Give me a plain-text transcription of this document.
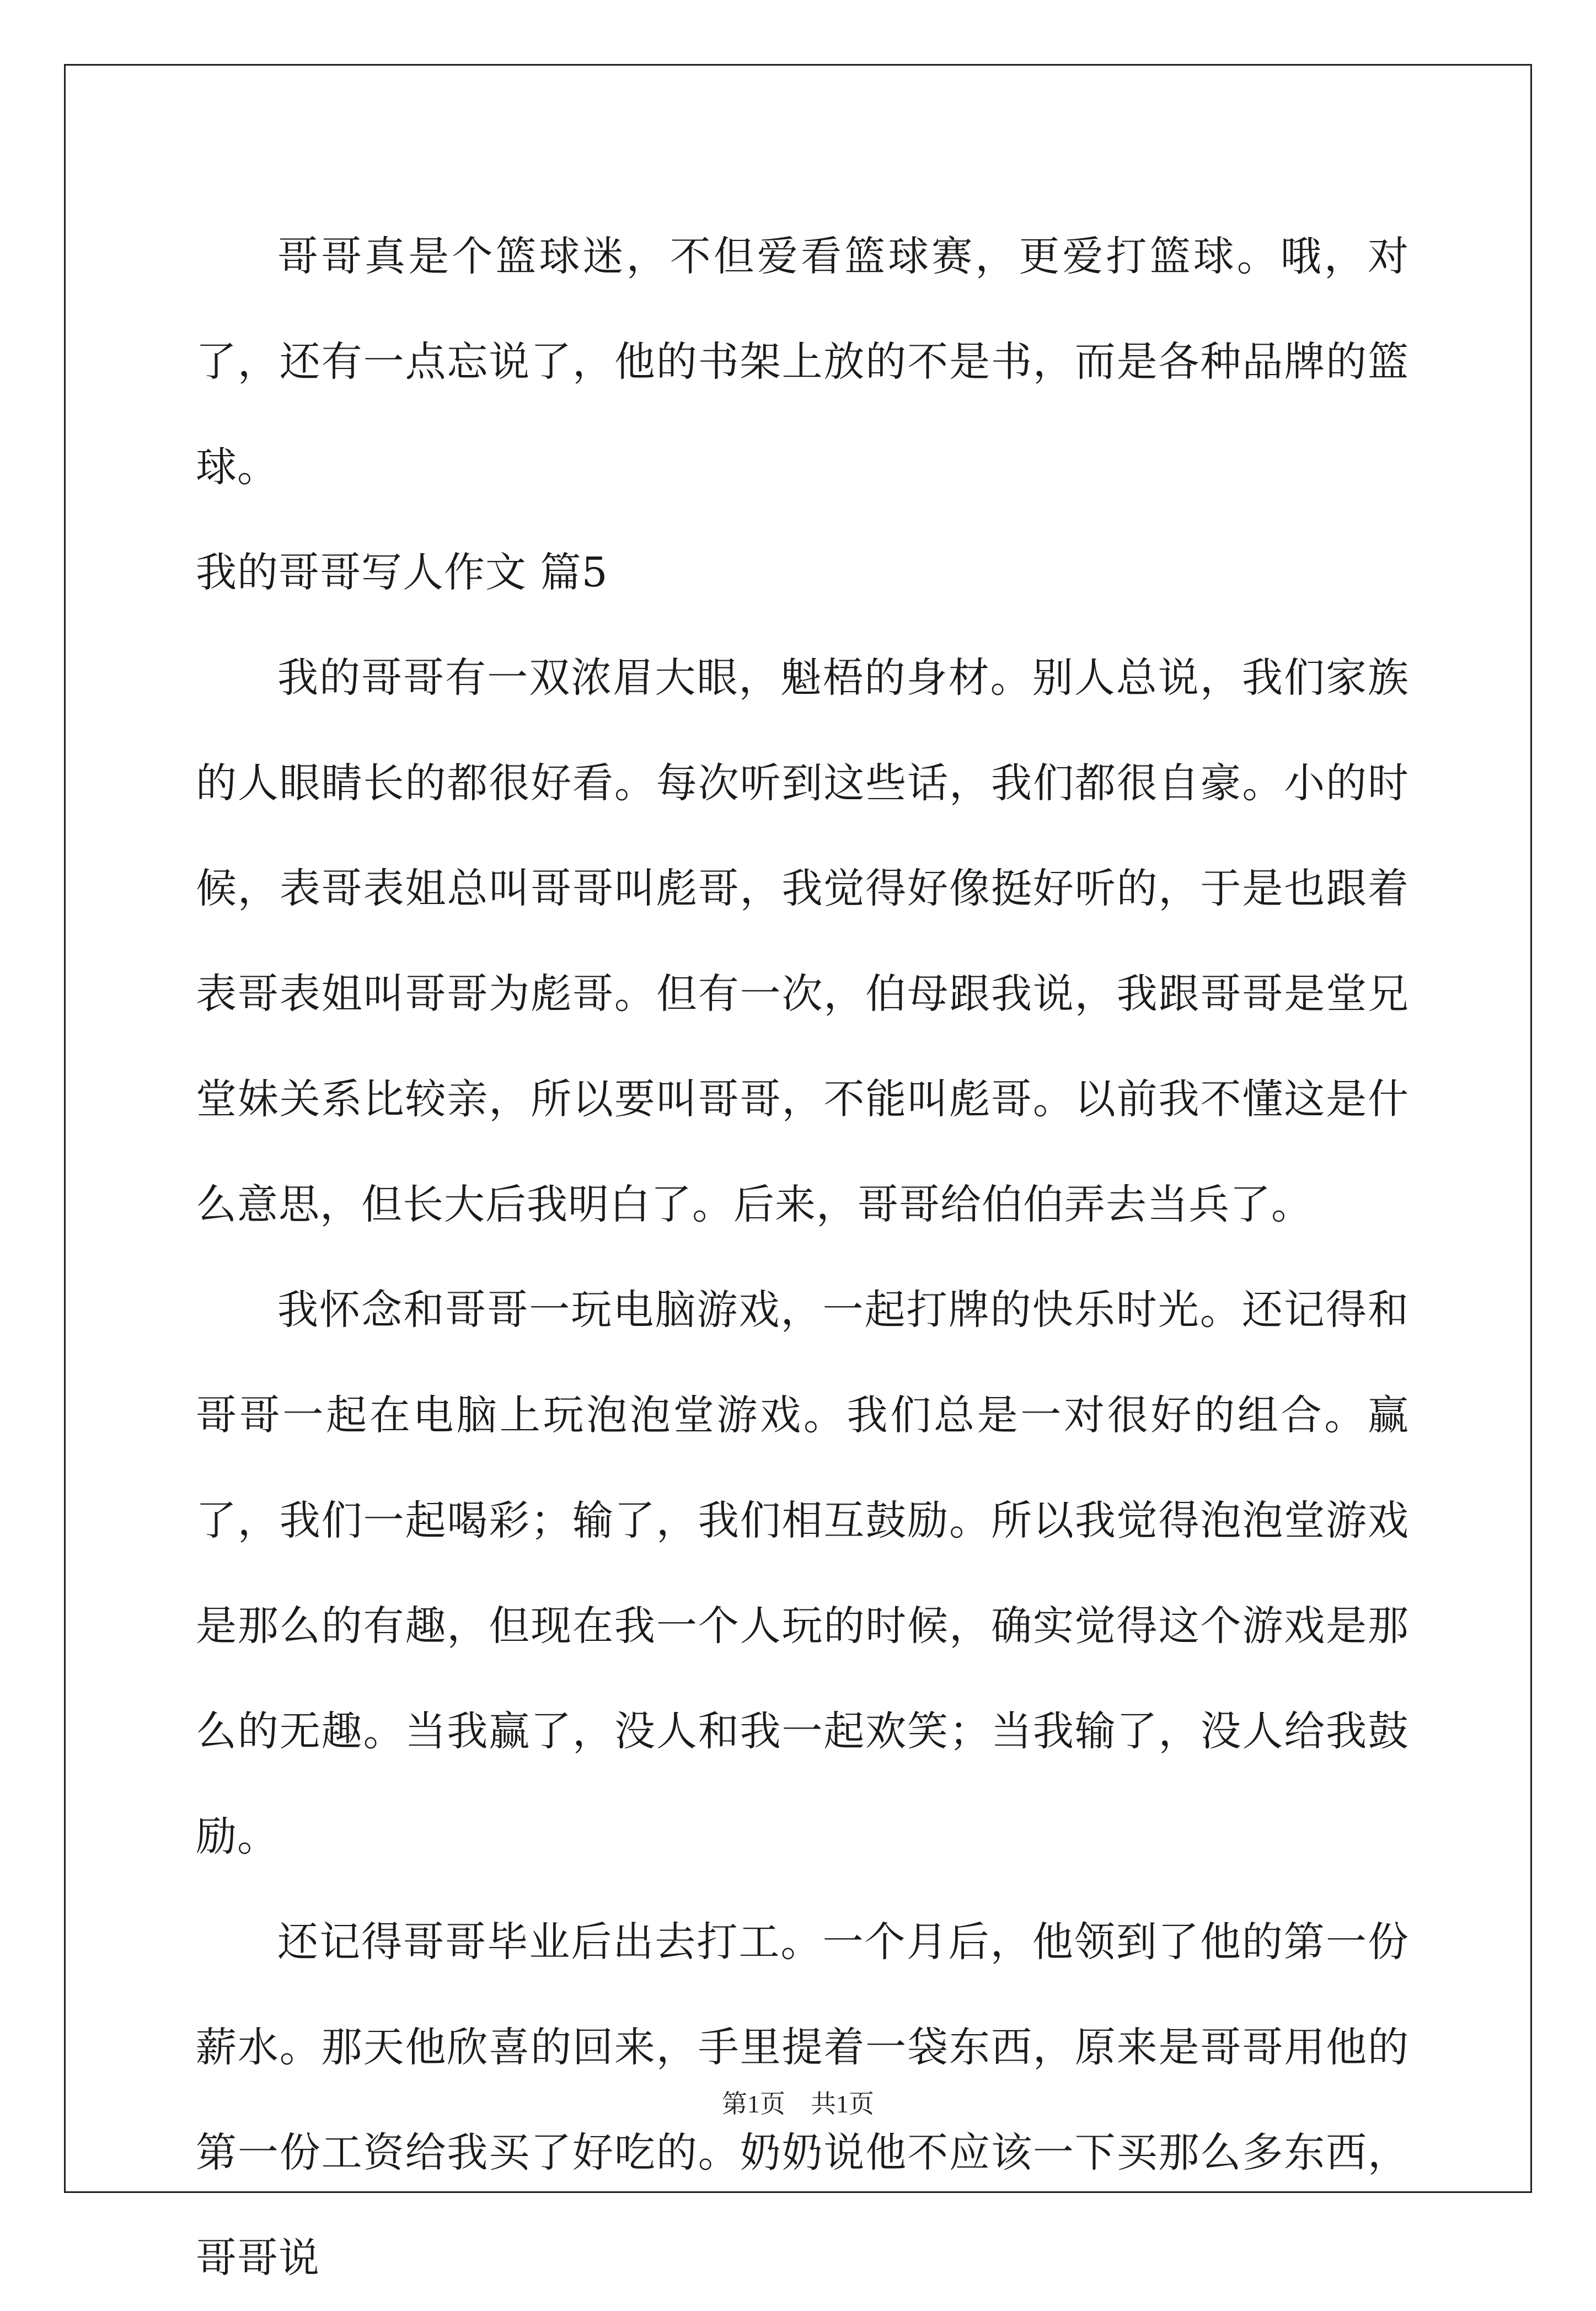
哥哥真是个篮球迷，不但爱看篮球赛，更爱打篮球。哦，对了，还有一点忘说了，他的书架上放的不是书，而是各种品牌的篮球。

我的哥哥写人作文 篇5

我的哥哥有一双浓眉大眼，魁梧的身材。别人总说，我们家族的人眼睛长的都很好看。每次听到这些话，我们都很自豪。小的时候，表哥表姐总叫哥哥叫彪哥，我觉得好像挺好听的，于是也跟着表哥表姐叫哥哥为彪哥。但有一次，伯母跟我说，我跟哥哥是堂兄堂妹关系比较亲，所以要叫哥哥，不能叫彪哥。以前我不懂这是什么意思，但长大后我明白了。后来，哥哥给伯伯弄去当兵了。

我怀念和哥哥一玩电脑游戏，一起打牌的快乐时光。还记得和哥哥一起在电脑上玩泡泡堂游戏。我们总是一对很好的组合。赢了，我们一起喝彩；输了，我们相互鼓励。所以我觉得泡泡堂游戏是那么的有趣，但现在我一个人玩的时候，确实觉得这个游戏是那么的无趣。当我赢了，没人和我一起欢笑；当我输了，没人给我鼓励。

还记得哥哥毕业后出去打工。一个月后，他领到了他的第一份薪水。那天他欣喜的回来，手里提着一袋东西，原来是哥哥用他的第一份工资给我买了好吃的。奶奶说他不应该一下买那么多东西，哥哥说

第1页　共1页
